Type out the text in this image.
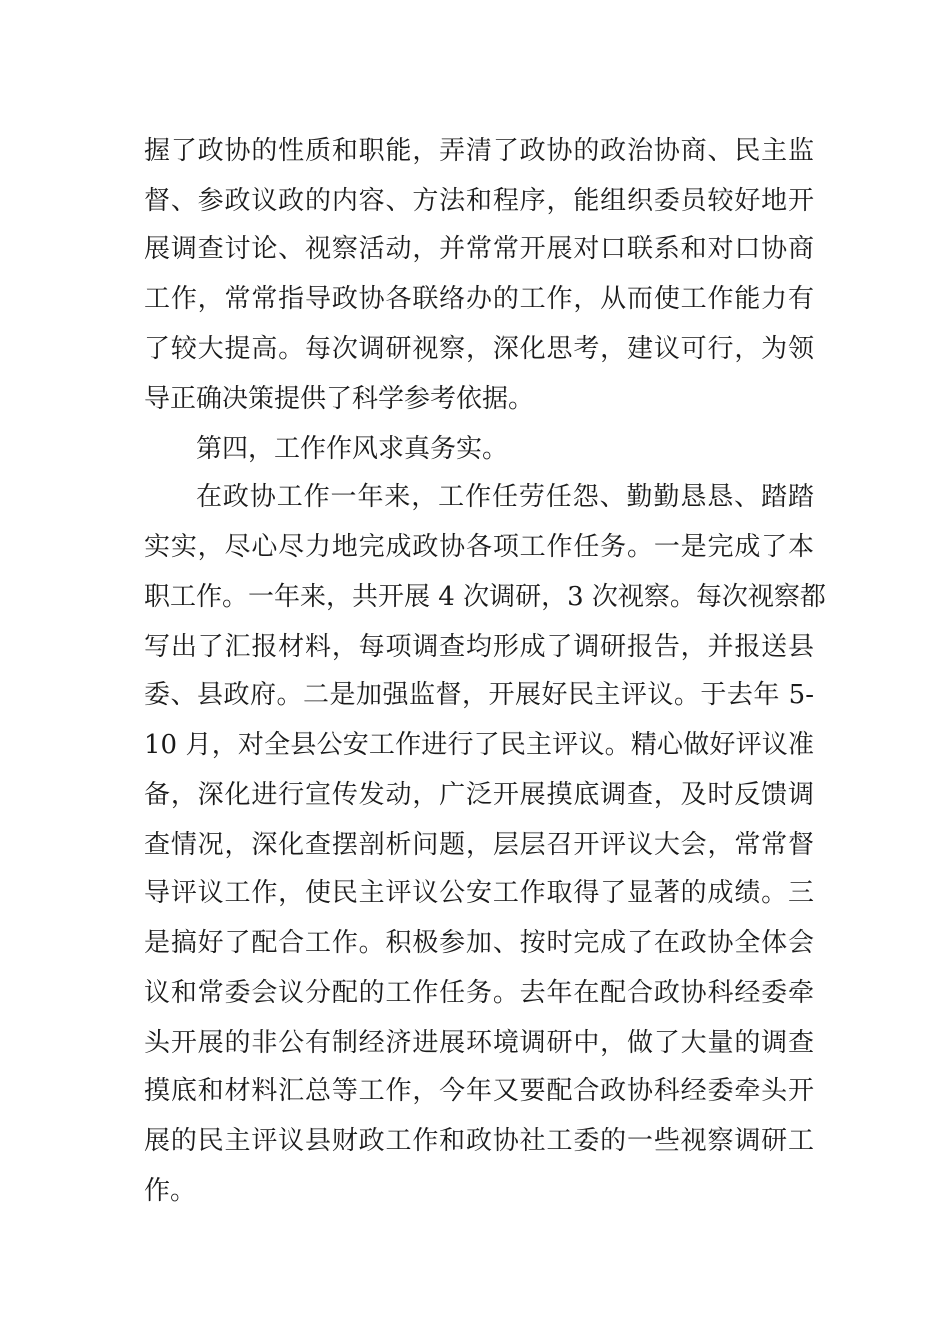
握了政协的性质和职能，弄清了政协的政治协商、民主监
督、参政议政的内容、方法和程序，能组织委员较好地开
展调查讨论、视察活动，并常常开展对口联系和对口协商
工作，常常指导政协各联络办的工作，从而使工作能力有
了较大提高。每次调研视察，深化思考，建议可行，为领
导正确决策提供了科学参考依据。
第四，工作作风求真务实。
在政协工作一年来，工作任劳任怨、勤勤恳恳、踏踏
实实，尽心尽力地完成政协各项工作任务。一是完成了本
职工作。一年来，共开展 4 次调研，3 次视察。每次视察都
写出了汇报材料，每项调查均形成了调研报告，并报送县
委、县政府。二是加强监督，开展好民主评议。于去年 5-
10 月，对全县公安工作进行了民主评议。精心做好评议准
备，深化进行宣传发动，广泛开展摸底调查，及时反馈调
查情况，深化查摆剖析问题，层层召开评议大会，常常督
导评议工作，使民主评议公安工作取得了显著的成绩。三
是搞好了配合工作。积极参加、按时完成了在政协全体会
议和常委会议分配的工作任务。去年在配合政协科经委牵
头开展的非公有制经济进展环境调研中，做了大量的调查
摸底和材料汇总等工作，今年又要配合政协科经委牵头开
展的民主评议县财政工作和政协社工委的一些视察调研工
作。
